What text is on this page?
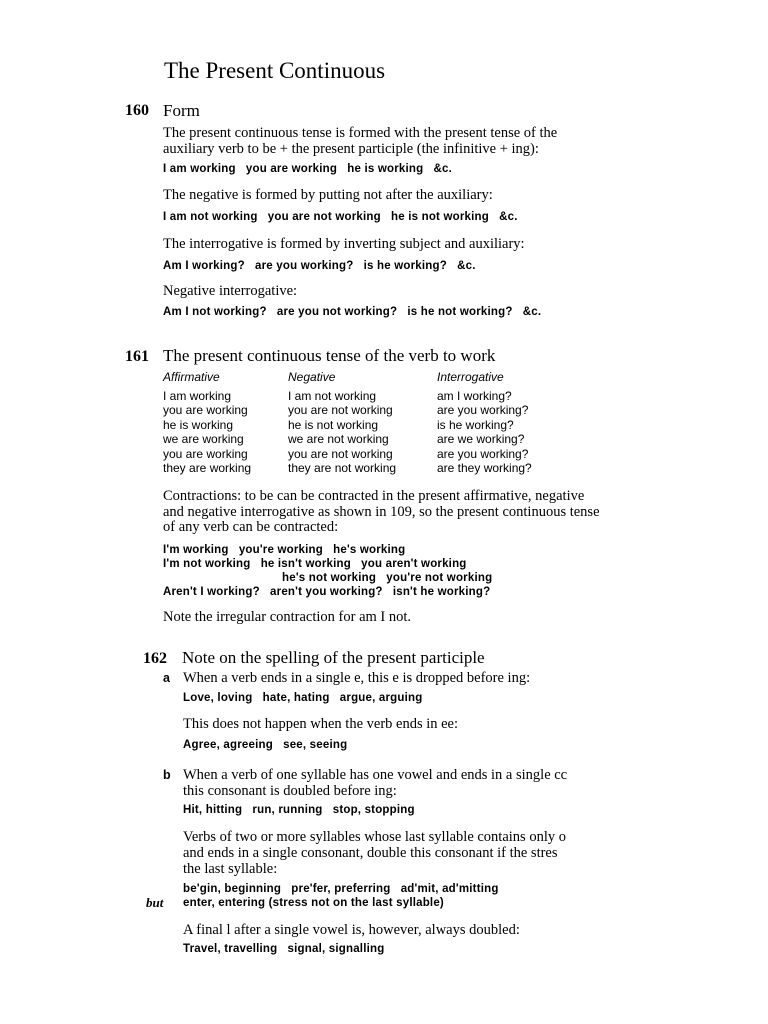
The Present Continuous
160 Form
The present continuous tense is formed with the present tense of the
auxiliary verb to be + the present participle (the infinitive + ing):
I am working   you are working   he is working   &c.
The negative is formed by putting not after the auxiliary:
I am not working   you are not working   he is not working   &c.
The interrogative is formed by inverting subject and auxiliary:
Am I working?   are you working?   is he working?   &c.
Negative interrogative:
Am I not working?   are you not working?   is he not working?   &c.
161 The present continuous tense of the verb to work
Affirmative	Negative	Interrogative
I am working
you are working
he is working
we are working
you are working
they are working
I am not working
you are not working
he is not working
we are not working
you are not working
they are not working
am I working?
are you working?
is he working?
are we working?
are you working?
are they working?
Contractions: to be can be contracted in the present affirmative, negative
and negative interrogative as shown in 109, so the present continuous tense
of any verb can be contracted:
I'm working   you're working   he's working
I'm not working   he isn't working   you aren't working
he's not working   you're not working
Aren't I working?   aren't you working?   isn't he working?
Note the irregular contraction for am I not.
162 Note on the spelling of the present participle
a When a verb ends in a single e, this e is dropped before ing:
Love, loving   hate, hating   argue, arguing
This does not happen when the verb ends in ee:
Agree, agreeing   see, seeing
b When a verb of one syllable has one vowel and ends in a single cc
this consonant is doubled before ing:
Hit, hitting   run, running   stop, stopping
Verbs of two or more syllables whose last syllable contains only o
and ends in a single consonant, double this consonant if the stres
the last syllable:
be'gin, beginning   pre'fer, preferring   ad'mit, ad'mitting
but enter, entering (stress not on the last syllable)
A final l after a single vowel is, however, always doubled:
Travel, travelling   signal, signalling
